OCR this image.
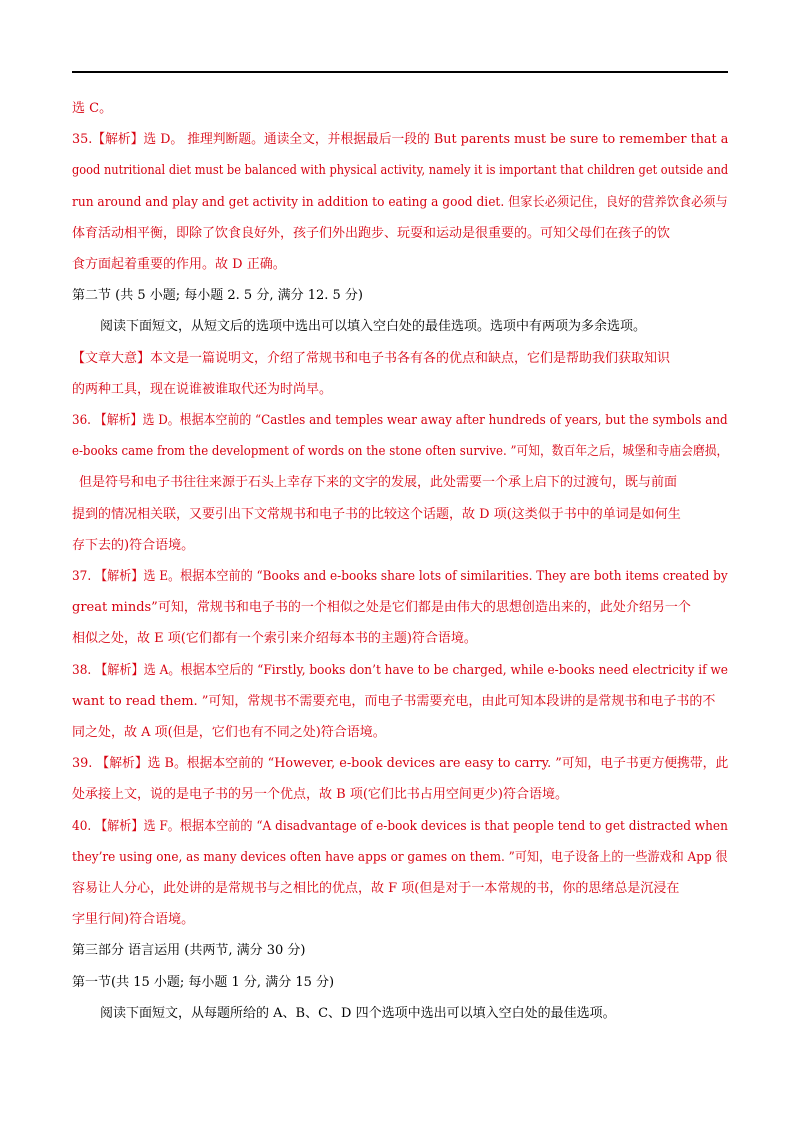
选 C。

35.【解析】选 D。 推理判断题。通读全文，并根据最后一段的 But parents must be sure to remember that a

good nutritional diet must be balanced with physical activity, namely it is important that children get outside and

run around and play and get activity in addition to eating a good diet. 但家长必须记住，良好的营养饮食必须与

体育活动相平衡，即除了饮食良好外，孩子们外出跑步、玩耍和运动是很重要的。可知父母们在孩子的饮

食方面起着重要的作用。故 D 正确。

第二节 (共 5 小题; 每小题 2. 5 分, 满分 12. 5 分)

阅读下面短文，从短文后的选项中选出可以填入空白处的最佳选项。选项中有两项为多余选项。

【文章大意】本文是一篇说明文，介绍了常规书和电子书各有各的优点和缺点，它们是帮助我们获取知识

的两种工具，现在说谁被谁取代还为时尚早。

36. 【解析】选 D。根据本空前的 “Castles and temples wear away after hundreds of years, but the symbols and

e-books came from the development of words on the stone often survive. ”可知，数百年之后，城堡和寺庙会磨损，

但是符号和电子书往往来源于石头上幸存下来的文字的发展，此处需要一个承上启下的过渡句，既与前面

提到的情况相关联，又要引出下文常规书和电子书的比较这个话题，故 D 项(这类似于书中的单词是如何生

存下去的)符合语境。

37. 【解析】选 E。根据本空前的 “Books and e-books share lots of similarities. They are both items created by

great minds”可知，常规书和电子书的一个相似之处是它们都是由伟大的思想创造出来的，此处介绍另一个

相似之处，故 E 项(它们都有一个索引来介绍每本书的主题)符合语境。

38. 【解析】选 A。根据本空后的 “Firstly, books don’t have to be charged, while e-books need electricity if we

want to read them. ”可知，常规书不需要充电，而电子书需要充电，由此可知本段讲的是常规书和电子书的不

同之处，故 A 项(但是，它们也有不同之处)符合语境。

39. 【解析】选 B。根据本空前的 “However, e-book devices are easy to carry. ”可知，电子书更方便携带，此

处承接上文，说的是电子书的另一个优点，故 B 项(它们比书占用空间更少)符合语境。

40. 【解析】选 F。根据本空前的 “A disadvantage of e-book devices is that people tend to get distracted when

they’re using one, as many devices often have apps or games on them. ”可知，电子设备上的一些游戏和 App 很

容易让人分心，此处讲的是常规书与之相比的优点，故 F 项(但是对于一本常规的书，你的思绪总是沉浸在

字里行间)符合语境。

第三部分 语言运用 (共两节, 满分 30 分)

第一节(共 15 小题; 每小题 1 分, 满分 15 分)

阅读下面短文，从每题所给的 A、B、C、D 四个选项中选出可以填入空白处的最佳选项。
